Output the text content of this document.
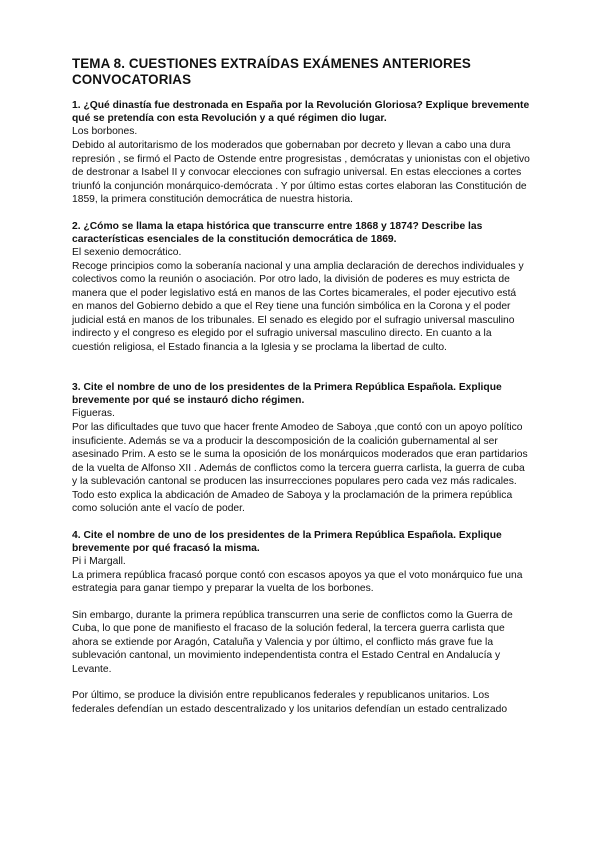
TEMA 8. CUESTIONES EXTRAÍDAS EXÁMENES ANTERIORES CONVOCATORIAS

1. ¿Qué dinastía fue destronada en España por la Revolución Gloriosa? Explique brevemente qué se pretendía con esta Revolución y a qué régimen dio lugar.

Los borbones.

Debido al autoritarismo de los moderados que gobernaban por decreto y llevan a cabo una dura represión , se firmó el Pacto de Ostende entre progresistas , demócratas y unionistas con el objetivo de destronar a Isabel II y convocar elecciones con sufragio universal. En estas elecciones a cortes triunfó la conjunción monárquico-demócrata . Y por último estas cortes elaboran las Constitución de 1859, la primera constitución democrática de nuestra historia.

2. ¿Cómo se llama la etapa histórica que transcurre entre 1868 y 1874? Describe las características esenciales de la constitución democrática de 1869.

El sexenio democrático.

Recoge principios como la soberanía nacional y una amplia declaración de derechos individuales y colectivos como la reunión o asociación. Por otro lado, la división de poderes es muy estricta de manera que el poder legislativo está en manos de las Cortes bicamerales, el poder ejecutivo está en manos del Gobierno debido a que el Rey tiene una función simbólica en la Corona y el poder judicial está en manos de los tribunales. El senado es elegido por el sufragio universal masculino indirecto y el congreso es elegido por el sufragio universal masculino directo. En cuanto a la cuestión religiosa, el Estado financia a la Iglesia y se proclama la libertad de culto.

3. Cite el nombre de uno de los presidentes de la Primera República Española. Explique brevemente por qué se instauró dicho régimen.

Figueras.

Por las dificultades que tuvo que hacer frente Amodeo de Saboya ,que contó con un apoyo político insuficiente. Además se va a producir la descomposición de la coalición gubernamental al ser asesinado Prim. A esto se le suma la oposición de los monárquicos moderados que eran partidarios de la vuelta de Alfonso XII . Además de conflictos como la tercera guerra carlista, la guerra de cuba y la sublevación cantonal se producen las insurrecciones populares pero cada vez más radicales. Todo esto explica la abdicación de Amadeo de Saboya y la proclamación de la primera república como solución ante el vacío de poder.

4. Cite el nombre de uno de los presidentes de la Primera República Española. Explique brevemente por qué fracasó la misma.

Pi i Margall.

La primera república fracasó porque contó con escasos apoyos ya que el voto monárquico fue una estrategia para ganar tiempo y preparar la vuelta de los borbones.

Sin embargo, durante la primera república transcurren una serie de conflictos como la Guerra de Cuba, lo que pone de manifiesto el fracaso de la solución federal, la tercera guerra carlista que ahora se extiende por Aragón, Cataluña y Valencia y por último, el conflicto más grave fue la sublevación cantonal, un movimiento independentista contra el Estado Central en Andalucía y Levante.

Por último, se produce la división entre republicanos federales y republicanos unitarios. Los federales defendían un estado descentralizado y los unitarios defendían un estado centralizado
